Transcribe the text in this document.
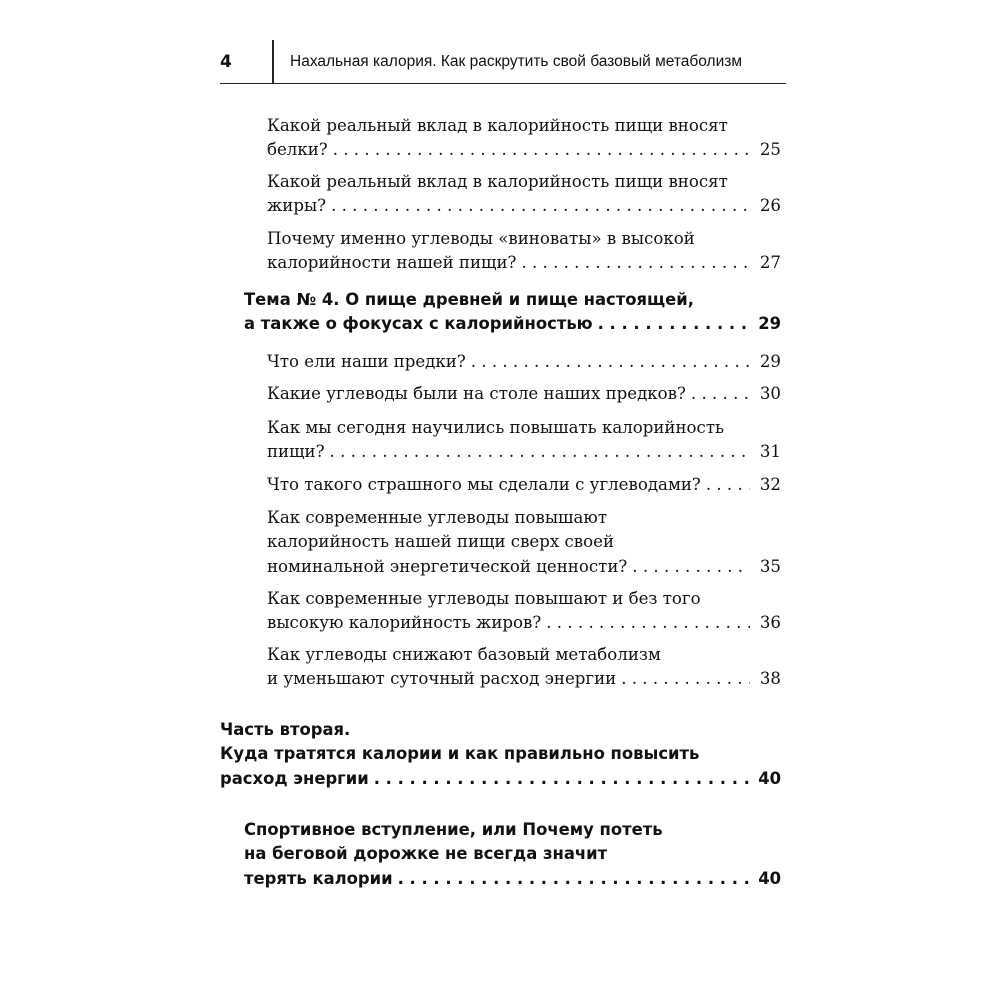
4	Нахальная калория. Как раскрутить свой базовый метаболизм
Какой реальный вклад в калорийность пищи вносят
белки? . . .	25
Какой реальный вклад в калорийность пищи вносят
жиры? . . .	26
Почему именно углеводы «виноваты» в высокой
калорийности нашей пищи? . . .	27
Тема № 4. О пище древней и пище настоящей,
а также о фокусах с калорийностью . . .	29
Что ели наши предки? . . .	29
Какие углеводы были на столе наших предков? . . .	30
Как мы сегодня научились повышать калорийность
пищи? . . .	31
Что такого страшного мы сделали с углеводами? . . .	32
Как современные углеводы повышают
калорийность нашей пищи сверх своей
номинальной энергетической ценности? . . .	35
Как современные углеводы повышают и без того
высокую калорийность жиров? . . .	36
Как углеводы снижают базовый метаболизм
и уменьшают суточный расход энергии . . .	38
Часть вторая.
Куда тратятся калории и как правильно повысить
расход энергии . . .	40
Спортивное вступление, или Почему потеть
на беговой дорожке не всегда значит
терять калории . . .	40
